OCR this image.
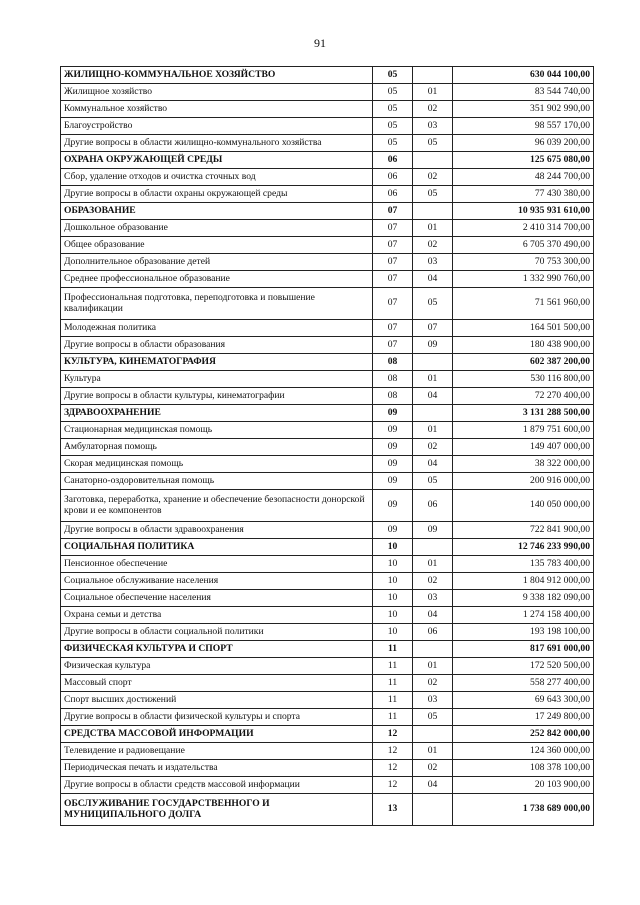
91
ЖИЛИЩНО-КОММУНАЛЬНОЕ ХОЗЯЙСТВО	05		630 044 100,00
Жилищное хозяйство	05	01	83 544 740,00
Коммунальное хозяйство	05	02	351 902 990,00
Благоустройство	05	03	98 557 170,00
Другие вопросы в области жилищно-коммунального хозяйства	05	05	96 039 200,00
ОХРАНА ОКРУЖАЮЩЕЙ СРЕДЫ	06		125 675 080,00
Сбор, удаление отходов и очистка сточных вод	06	02	48 244 700,00
Другие вопросы в области охраны окружающей среды	06	05	77 430 380,00
ОБРАЗОВАНИЕ	07		10 935 931 610,00
Дошкольное образование	07	01	2 410 314 700,00
Общее образование	07	02	6 705 370 490,00
Дополнительное образование детей	07	03	70 753 300,00
Среднее профессиональное образование	07	04	1 332 990 760,00
Профессиональная подготовка, переподготовка и повышение квалификации	07	05	71 561 960,00
Молодежная политика	07	07	164 501 500,00
Другие вопросы в области образования	07	09	180 438 900,00
КУЛЬТУРА, КИНЕМАТОГРАФИЯ	08		602 387 200,00
Культура	08	01	530 116 800,00
Другие вопросы в области культуры, кинематографии	08	04	72 270 400,00
ЗДРАВООХРАНЕНИЕ	09		3 131 288 500,00
Стационарная медицинская помощь	09	01	1 879 751 600,00
Амбулаторная помощь	09	02	149 407 000,00
Скорая медицинская помощь	09	04	38 322 000,00
Санаторно-оздоровительная помощь	09	05	200 916 000,00
Заготовка, переработка, хранение и обеспечение безопасности донорской крови и ее компонентов	09	06	140 050 000,00
Другие вопросы в области здравоохранения	09	09	722 841 900,00
СОЦИАЛЬНАЯ ПОЛИТИКА	10		12 746 233 990,00
Пенсионное обеспечение	10	01	135 783 400,00
Социальное обслуживание населения	10	02	1 804 912 000,00
Социальное обеспечение населения	10	03	9 338 182 090,00
Охрана семьи и детства	10	04	1 274 158 400,00
Другие вопросы в области социальной политики	10	06	193 198 100,00
ФИЗИЧЕСКАЯ КУЛЬТУРА И СПОРТ	11		817 691 000,00
Физическая культура	11	01	172 520 500,00
Массовый спорт	11	02	558 277 400,00
Спорт высших достижений	11	03	69 643 300,00
Другие вопросы в области физической культуры и спорта	11	05	17 249 800,00
СРЕДСТВА МАССОВОЙ ИНФОРМАЦИИ	12		252 842 000,00
Телевидение и радиовещание	12	01	124 360 000,00
Периодическая печать и издательства	12	02	108 378 100,00
Другие вопросы в области средств массовой информации	12	04	20 103 900,00
ОБСЛУЖИВАНИЕ ГОСУДАРСТВЕННОГО И МУНИЦИПАЛЬНОГО ДОЛГА	13		1 738 689 000,00
